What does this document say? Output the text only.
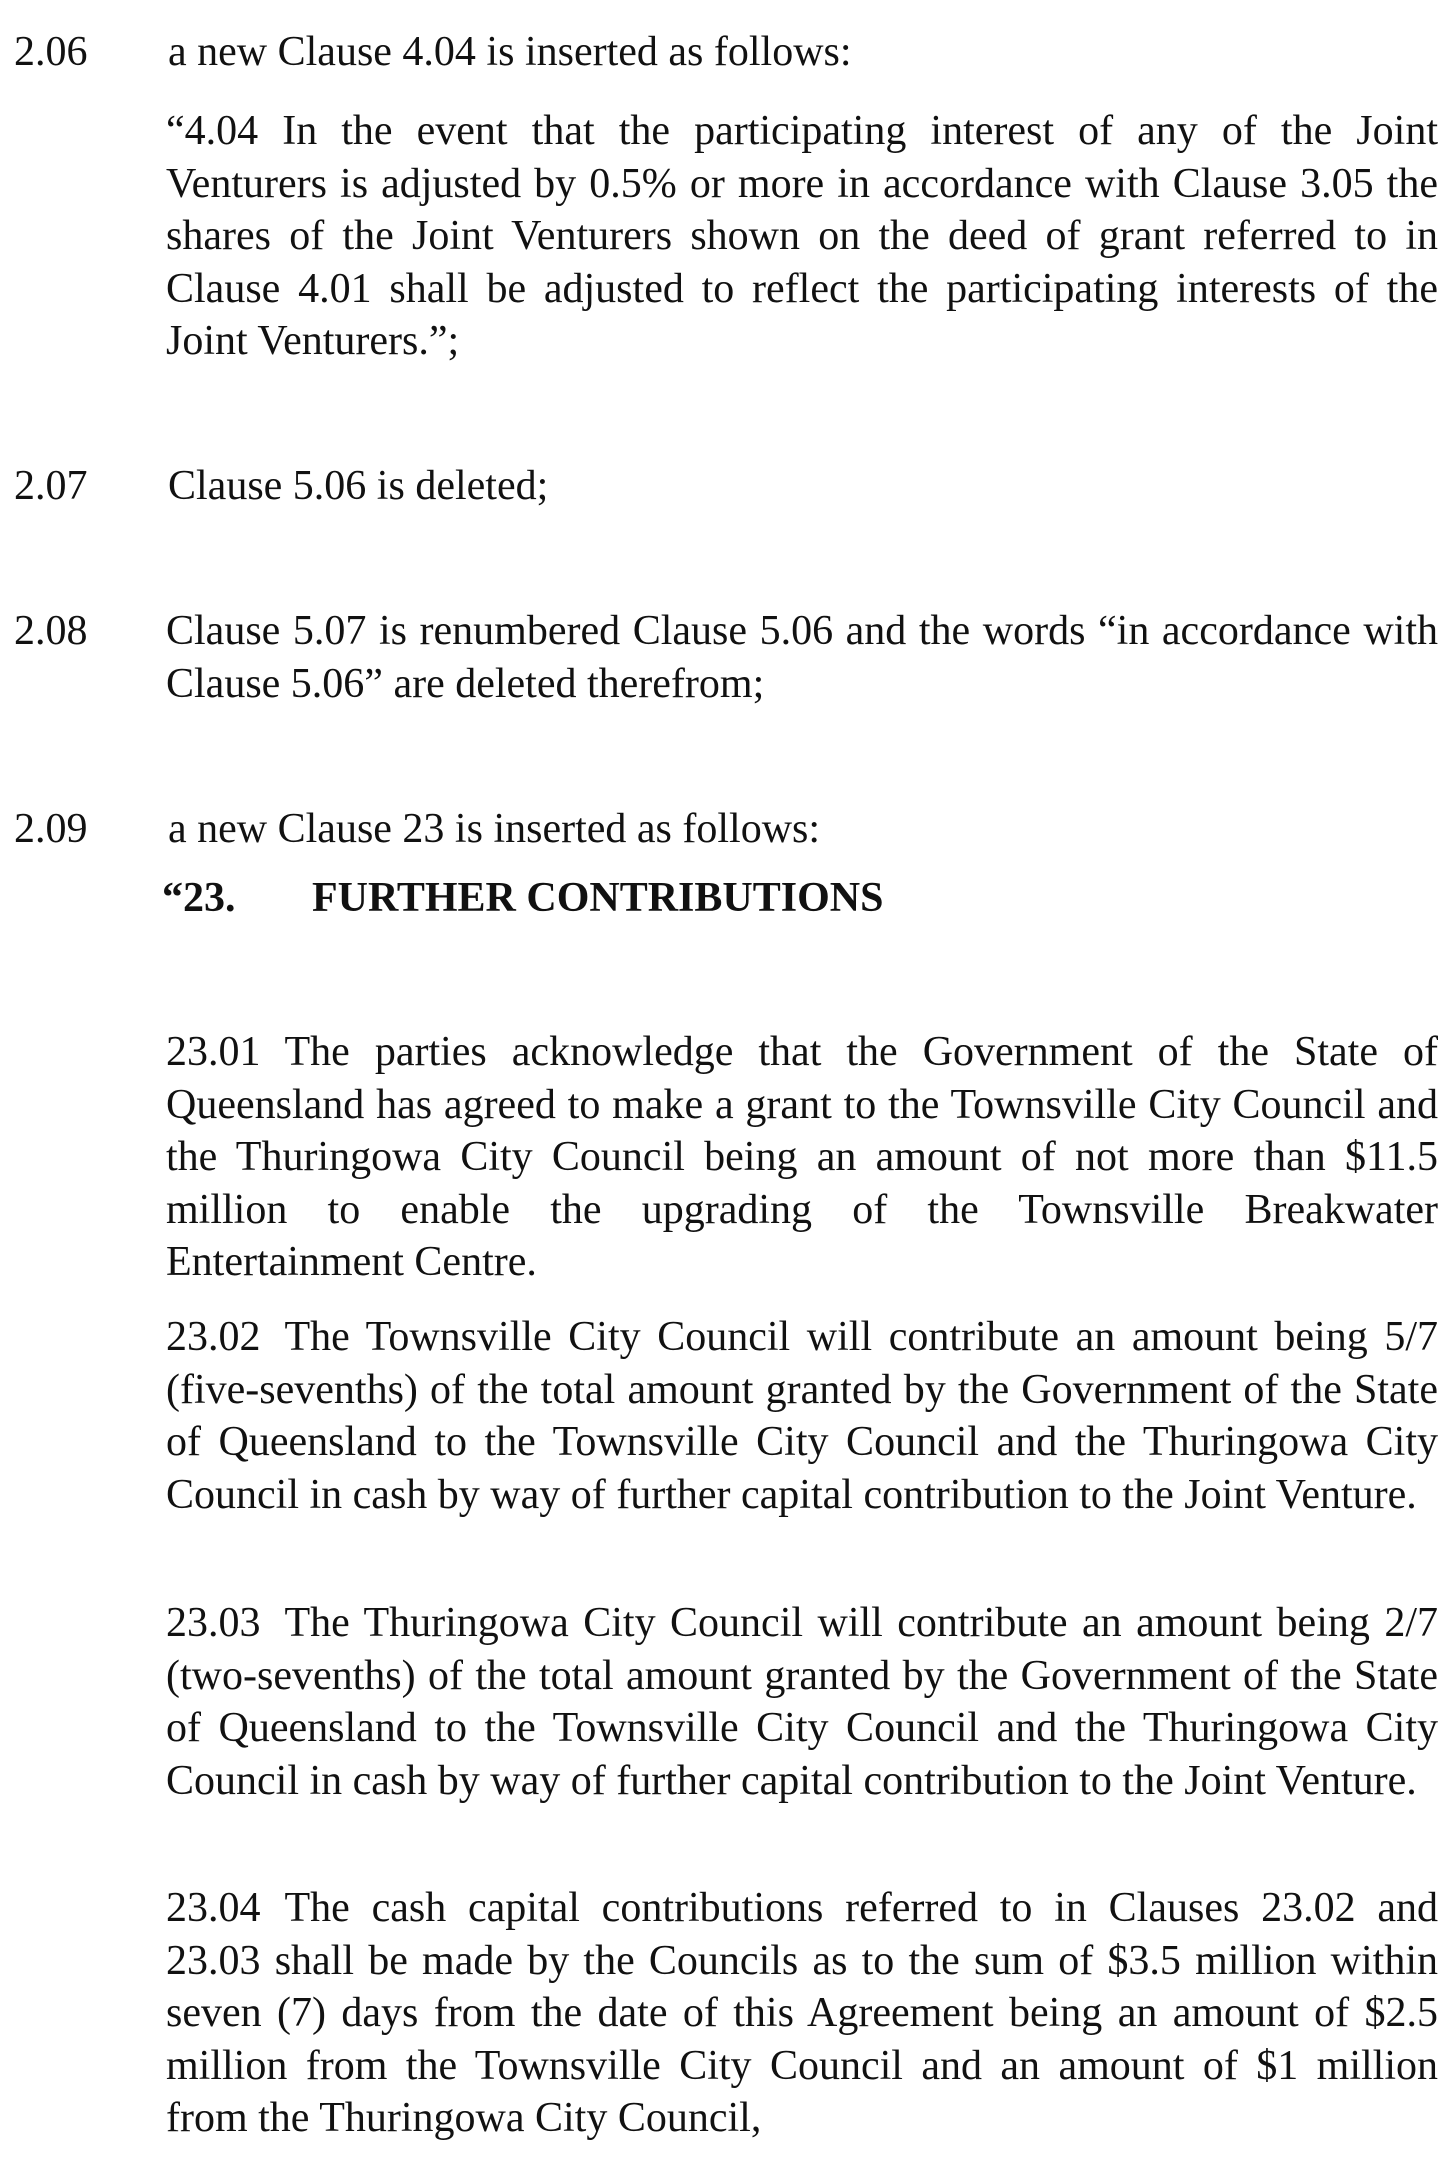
2.06 a new Clause 4.04 is inserted as follows:
“4.04 In the event that the participating interest of any of the Joint Venturers is adjusted by 0.5% or more in accordance with Clause 3.05 the shares of the Joint Venturers shown on the deed of grant referred to in Clause 4.01 shall be adjusted to reflect the participating interests of the Joint Venturers.”;
2.07 Clause 5.06 is deleted;
2.08 Clause 5.07 is renumbered Clause 5.06 and the words “in accordance with Clause 5.06” are deleted therefrom;
2.09 a new Clause 23 is inserted as follows:
“23. FURTHER CONTRIBUTIONS
23.01 The parties acknowledge that the Government of the State of Queensland has agreed to make a grant to the Townsville City Council and the Thuringowa City Council being an amount of not more than $11.5 million to enable the upgrading of the Townsville Breakwater Entertainment Centre.
23.02 The Townsville City Council will contribute an amount being 5/7 (five-sevenths) of the total amount granted by the Government of the State of Queensland to the Townsville City Council and the Thuringowa City Council in cash by way of further capital contribution to the Joint Venture.
23.03 The Thuringowa City Council will contribute an amount being 2/7 (two-sevenths) of the total amount granted by the Government of the State of Queensland to the Townsville City Council and the Thuringowa City Council in cash by way of further capital contribution to the Joint Venture.
23.04 The cash capital contributions referred to in Clauses 23.02 and 23.03 shall be made by the Councils as to the sum of $3.5 million within seven (7) days from the date of this Agreement being an amount of $2.5 million from the Townsville City Council and an amount of $1 million from the Thuringowa City Council,
